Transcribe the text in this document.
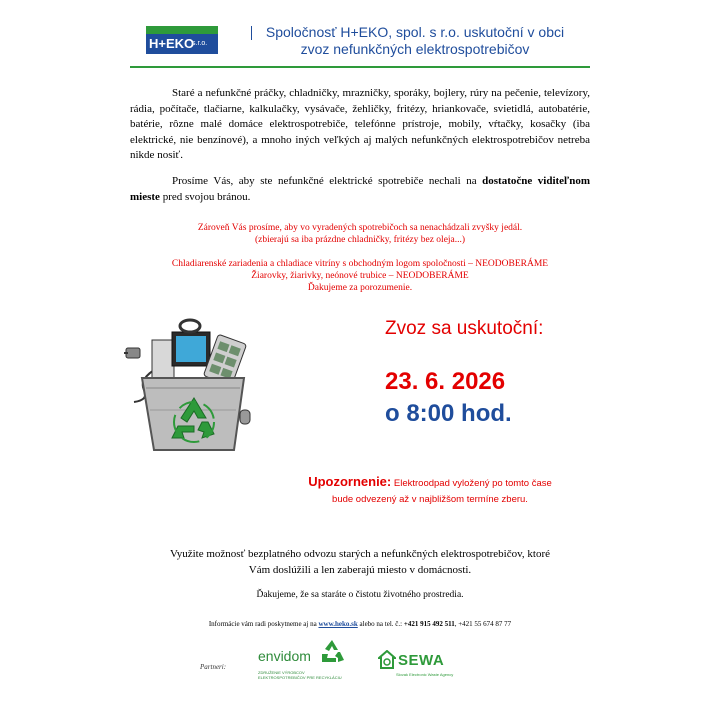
H+EKO
s.r.o.
Spoločnosť H+EKO, spol. s r.o. uskutoční v obci
zvoz nefunkčných elektrospotrebičov
Staré a nefunkčné práčky, chladničky, mrazničky, sporáky, bojlery, rúry na pečenie, televízory, rádia, počítače, tlačiarne, kalkulačky, vysávače, žehličky, fritézy, hriankovače, svietidlá, autobatérie, batérie, rôzne malé domáce elektrospotrebiče, telefónne prístroje, mobily, vŕtačky, kosačky (iba elektrické, nie benzínové), a mnoho iných veľkých aj malých nefunkčných elektrospotrebičov netreba nikde nosiť.
Prosíme Vás, aby ste nefunkčné elektrické spotrebiče nechali na dostatočne viditeľnom mieste pred svojou bránou.
Zároveň Vás prosíme, aby vo vyradených spotrebičoch sa nenachádzali zvyšky jedál.
(zbierajú sa iba prázdne chladničky, fritézy bez oleja...)
Chladiarenské zariadenia a chladiace vitríny s obchodným logom spoločnosti – NEODOBERÁME
Žiarovky, žiarivky, neónové trubice – NEODOBERÁME
Ďakujeme za porozumenie.
Zvoz sa uskutoční:
23. 6. 2026
o 8:00 hod.
Upozornenie: Elektroodpad vyložený po tomto čase
bude odvezený až v najbližšom termíne zberu.
Využite možnosť bezplatného odvozu starých a nefunkčných elektrospotrebičov, ktoré
Vám doslúžili a len zaberajú miesto v domácnosti.
Ďakujeme, že sa staráte o čistotu životného prostredia.
Informácie vám radi poskytneme aj na www.heko.sk alebo na tel. č.: +421 915 492 511, +421 55 674 87 77
Partneri:
envidom
ZDRUŽENIE VÝROBCOV
ELEKTROSPOTREBIČOV PRE RECYKLÁCIU
SEWA
Slovak Electronic Waste Agency
